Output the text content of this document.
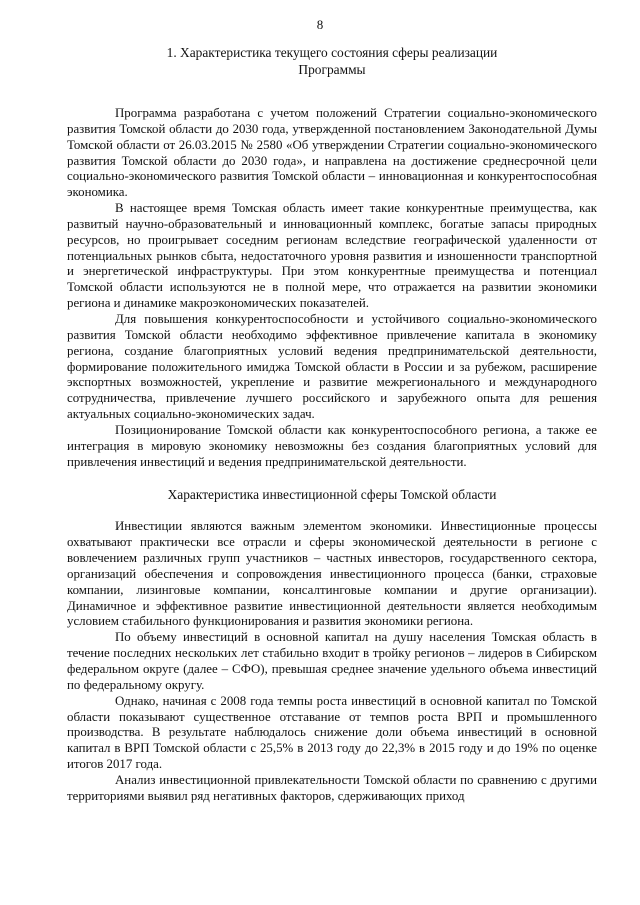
8

1. Характеристика текущего состояния сферы реализации

Программы

Программа разработана с учетом положений Стратегии социально-экономического развития Томской области до 2030 года, утвержденной постановлением Законодательной Думы Томской области от 26.03.2015 № 2580 «Об утверждении Стратегии социально-экономического развития Томской области до 2030 года», и направлена на достижение среднесрочной цели социально-экономического развития Томской области – инновационная и конкурентоспособная экономика.

В настоящее время Томская область имеет такие конкурентные преимущества, как развитый научно-образовательный и инновационный комплекс, богатые запасы природных ресурсов, но проигрывает соседним регионам вследствие географической удаленности от потенциальных рынков сбыта, недостаточного уровня развития и изношенности транспортной и энергетической инфраструктуры. При этом конкурентные преимущества и потенциал Томской области используются не в полной мере, что отражается на развитии экономики региона и динамике макроэкономических показателей.

Для повышения конкурентоспособности и устойчивого социально-экономического развития Томской области необходимо эффективное привлечение капитала в экономику региона, создание благоприятных условий ведения предпринимательской деятельности, формирование положительного имиджа Томской области в России и за рубежом, расширение экспортных возможностей, укрепление и развитие межрегионального и международного сотрудничества, привлечение лучшего российского и зарубежного опыта для решения актуальных социально-экономических задач.

Позиционирование Томской области как конкурентоспособного региона, а также ее интеграция в мировую экономику невозможны без создания благоприятных условий для привлечения инвестиций и ведения предпринимательской деятельности.

Характеристика инвестиционной сферы Томской области

Инвестиции являются важным элементом экономики. Инвестиционные процессы охватывают практически все отрасли и сферы экономической деятельности в регионе с вовлечением различных групп участников – частных инвесторов, государственного сектора, организаций обеспечения и сопровождения инвестиционного процесса (банки, страховые компании, лизинговые компании, консалтинговые компании и другие организации). Динамичное и эффективное развитие инвестиционной деятельности является необходимым условием стабильного функционирования и развития экономики региона.

По объему инвестиций в основной капитал на душу населения Томская область в течение последних нескольких лет стабильно входит в тройку регионов – лидеров в Сибирском федеральном округе (далее – СФО), превышая среднее значение удельного объема инвестиций по федеральному округу.

Однако, начиная с 2008 года темпы роста инвестиций в основной капитал по Томской области показывают существенное отставание от темпов роста ВРП и промышленного производства. В результате наблюдалось снижение доли объема инвестиций в основной капитал в ВРП Томской области с 25,5% в 2013 году до 22,3% в 2015 году и до 19% по оценке итогов 2017 года.

Анализ инвестиционной привлекательности Томской области по сравнению с другими территориями выявил ряд негативных факторов, сдерживающих приход
